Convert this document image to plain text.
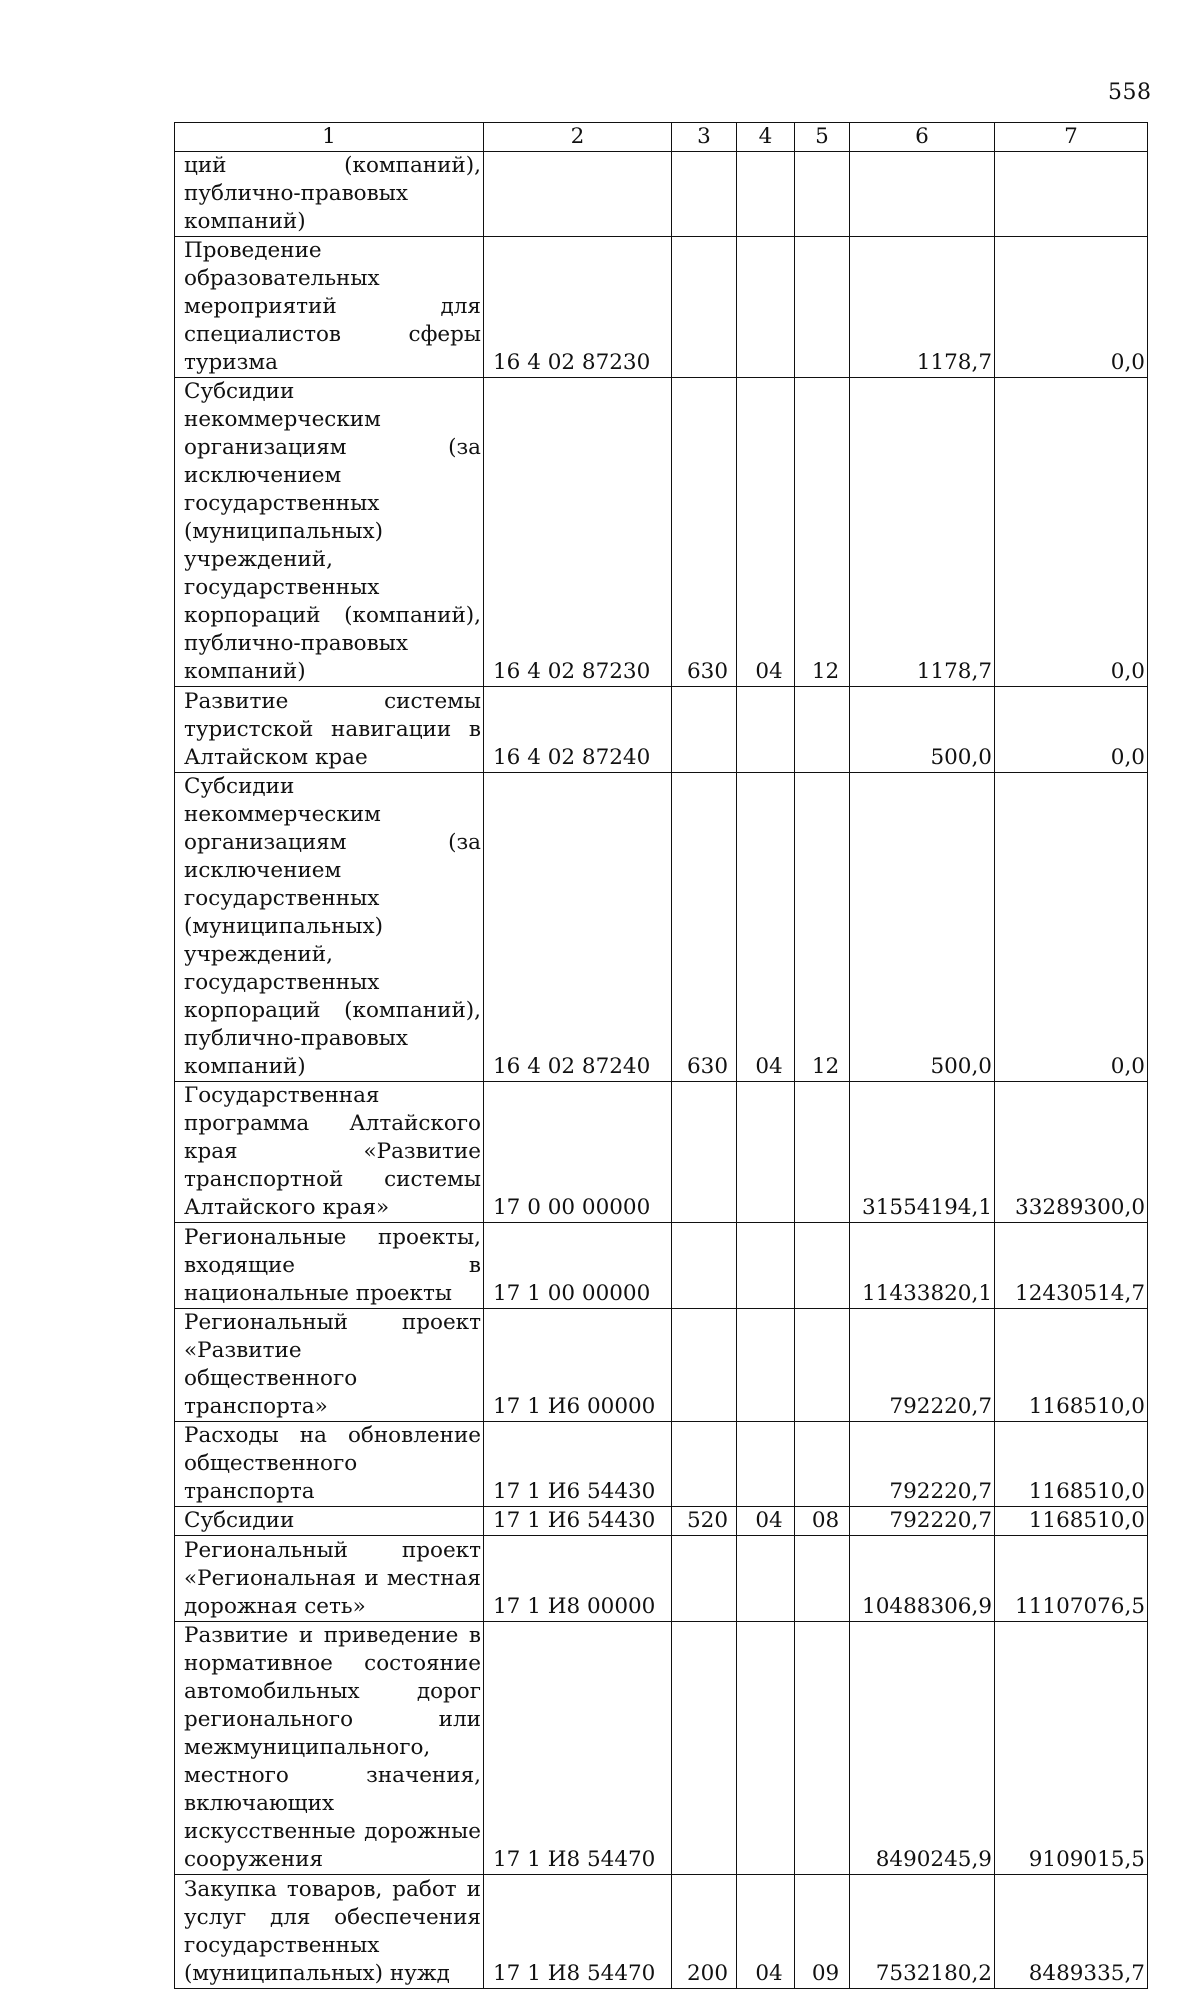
558
1	2	3	4	5	6	7
ций (компаний), публично-правовых компаний)						
Проведение образовательных мероприятий для специалистов сферы туризма	16 4 02 87230				1178,7	0,0
Субсидии некоммерческим организациям (за исключением государственных (муниципальных) учреждений, государственных корпораций (компаний), публично-правовых компаний)	16 4 02 87230	630	04	12	1178,7	0,0
Развитие системы туристской навигации в Алтайском крае	16 4 02 87240				500,0	0,0
Субсидии некоммерческим организациям (за исключением государственных (муниципальных) учреждений, государственных корпораций (компаний), публично-правовых компаний)	16 4 02 87240	630	04	12	500,0	0,0
Государственная программа Алтайского края «Развитие транспортной системы Алтайского края»	17 0 00 00000				31554194,1	33289300,0
Региональные проекты, входящие в национальные проекты	17 1 00 00000				11433820,1	12430514,7
Региональный проект «Развитие общественного транспорта»	17 1 И6 00000				792220,7	1168510,0
Расходы на обновление общественного транспорта	17 1 И6 54430				792220,7	1168510,0
Субсидии	17 1 И6 54430	520	04	08	792220,7	1168510,0
Региональный проект «Региональная и местная дорожная сеть»	17 1 И8 00000				10488306,9	11107076,5
Развитие и приведение в нормативное состояние автомобильных дорог регионального или межмуниципального, местного значения, включающих искусственные дорожные сооружения	17 1 И8 54470				8490245,9	9109015,5
Закупка товаров, работ и услуг для обеспечения государственных (муниципальных) нужд	17 1 И8 54470	200	04	09	7532180,2	8489335,7
